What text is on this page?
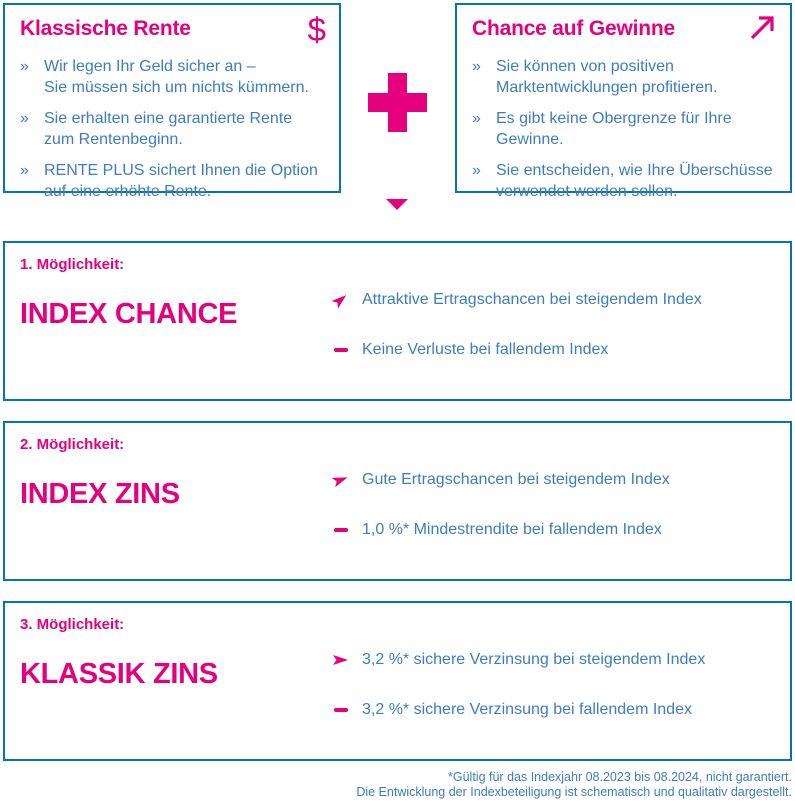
Klassische Rente	$
» Wir legen Ihr Geld sicher an –
Sie müssen sich um nichts kümmern.
» Sie erhalten eine garantierte Rente
zum Rentenbeginn.
» RENTE PLUS sichert Ihnen die Option
auf eine erhöhte Rente.
Chance auf Gewinne
» Sie können von positiven
Marktentwicklungen profitieren.
» Es gibt keine Obergrenze für Ihre
Gewinne.
» Sie entscheiden, wie Ihre Überschüsse
verwendet werden sollen.
1. Möglichkeit:
INDEX CHANCE	Attraktive Ertragschancen bei steigendem Index
Keine Verluste bei fallendem Index
2. Möglichkeit:
INDEX ZINS	Gute Ertragschancen bei steigendem Index
1,0 %* Mindestrendite bei fallendem Index
3. Möglichkeit:
KLASSIK ZINS	3,2 %* sichere Verzinsung bei steigendem Index
3,2 %* sichere Verzinsung bei fallendem Index
*Gültig für das Indexjahr 08.2023 bis 08.2024, nicht garantiert.
Die Entwicklung der Indexbeteiligung ist schematisch und qualitativ dargestellt.
